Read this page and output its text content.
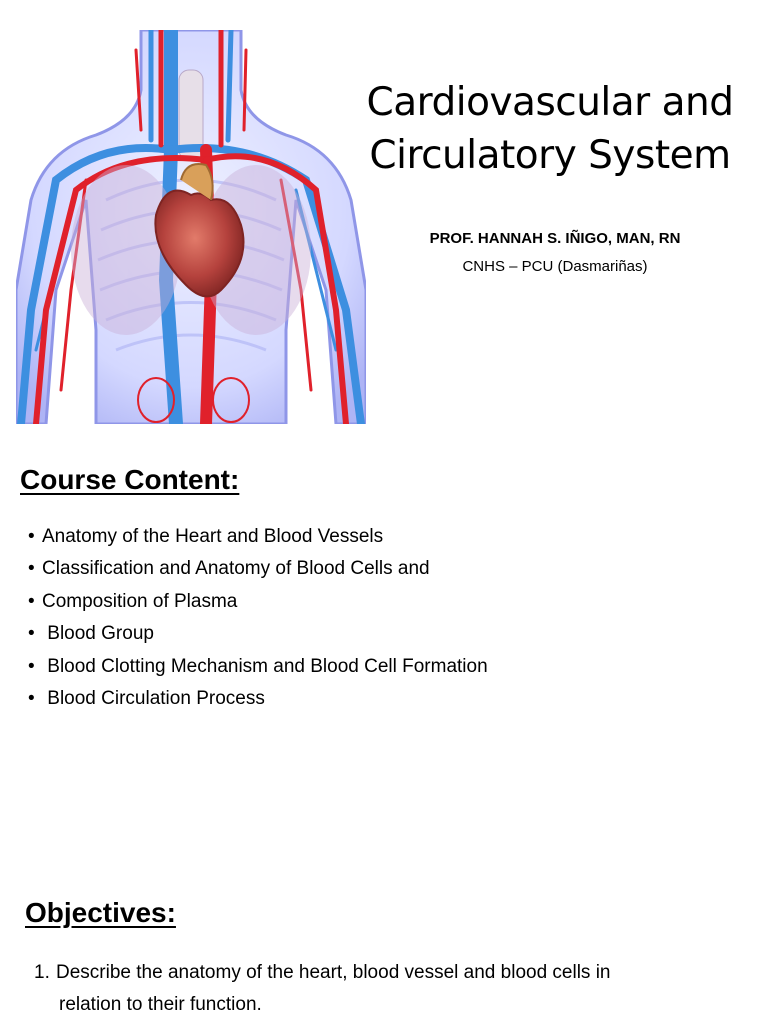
Cardiovascular and
Circulatory System
PROF. HANNAH S. IÑIGO, MAN, RN
CNHS – PCU (Dasmariñas)
Course Content:
• Anatomy of the Heart and Blood Vessels
• Classification and Anatomy of Blood Cells and
• Composition of Plasma
• Blood Group
• Blood Clotting Mechanism and Blood Cell Formation
• Blood Circulation Process
Objectives:
1. Describe the anatomy of the heart, blood vessel and blood cells in
relation to their function.
